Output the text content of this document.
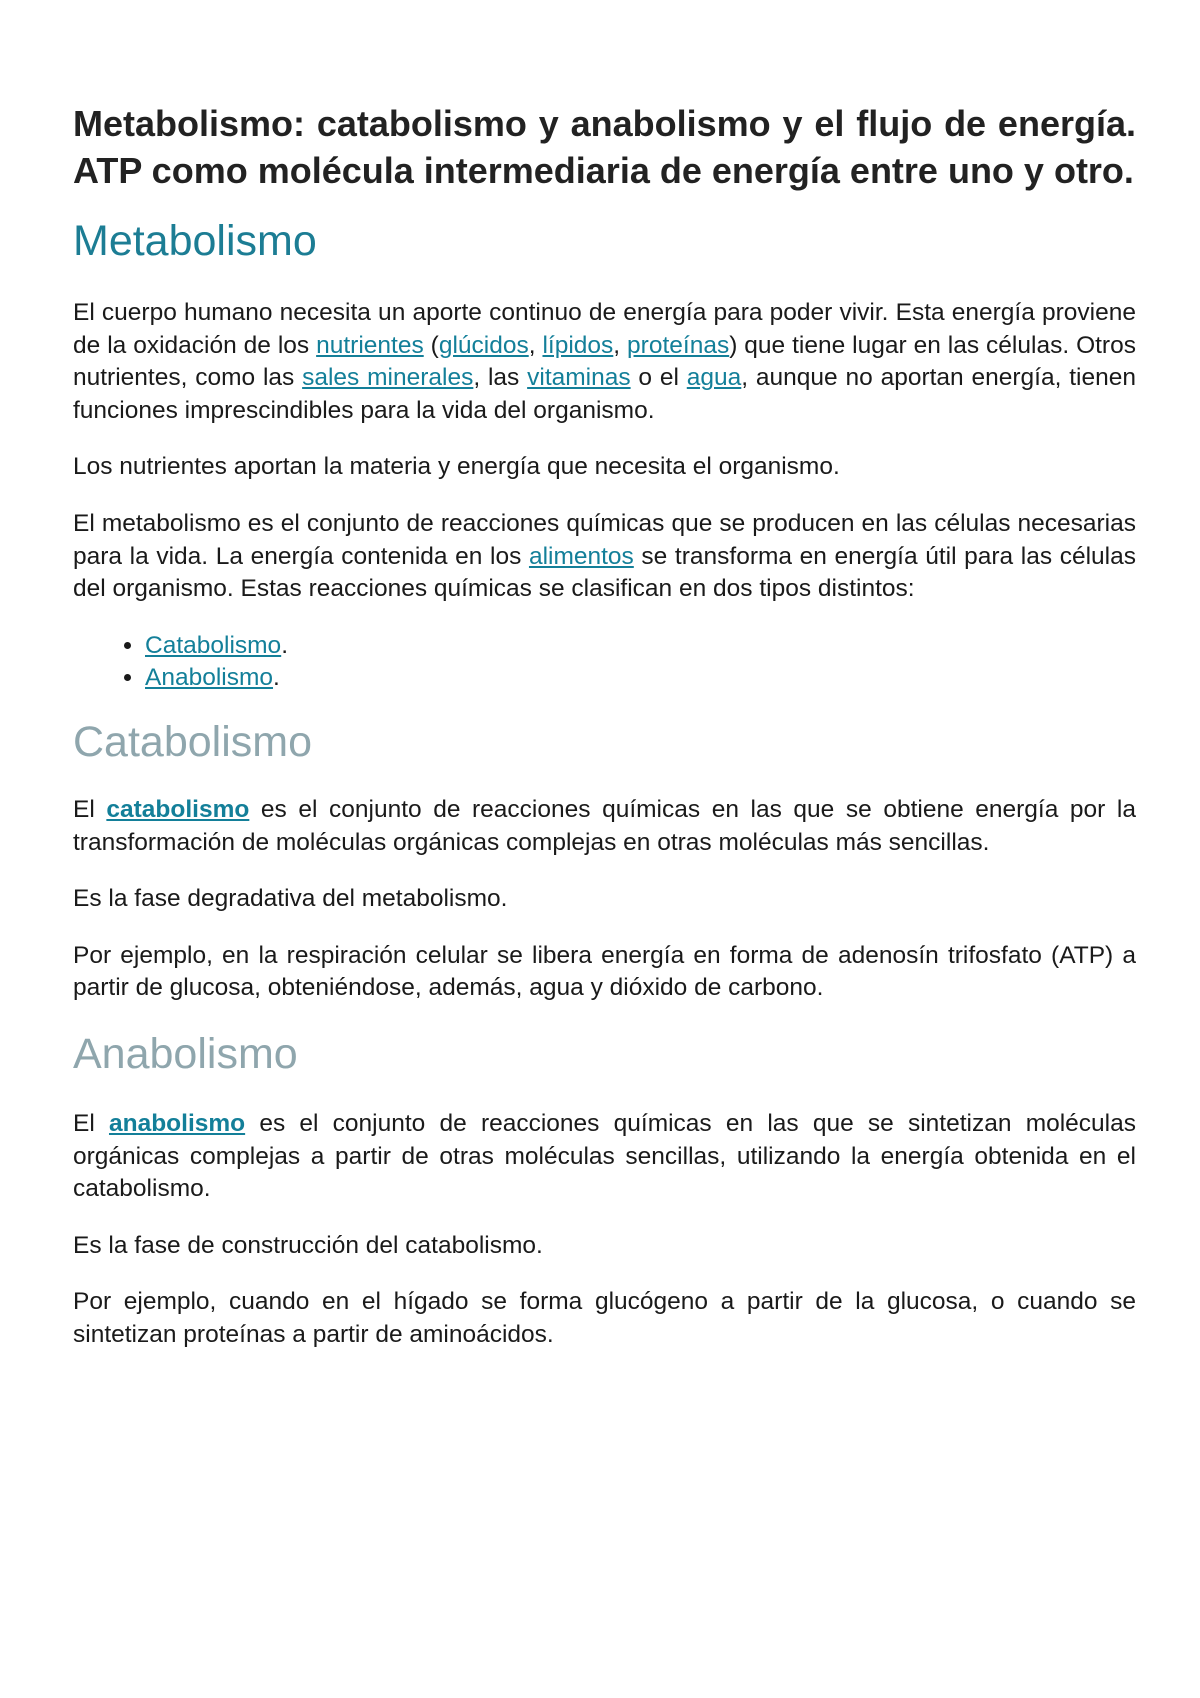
Metabolismo: catabolismo y anabolismo y el flujo de energía. ATP como molécula intermediaria de energía entre uno y otro.
Metabolismo

El cuerpo humano necesita un aporte continuo de energía para poder vivir. Esta energía proviene de la oxidación de los nutrientes (glúcidos, lípidos, proteínas) que tiene lugar en las células. Otros nutrientes, como las sales minerales, las vitaminas o el agua, aunque no aportan energía, tienen funciones imprescindibles para la vida del organismo.

Los nutrientes aportan la materia y energía que necesita el organismo.

El metabolismo es el conjunto de reacciones químicas que se producen en las células necesarias para la vida. La energía contenida en los alimentos se transforma en energía útil para las células del organismo. Estas reacciones químicas se clasifican en dos tipos distintos:

• Catabolismo.
• Anabolismo.
Catabolismo

El catabolismo es el conjunto de reacciones químicas en las que se obtiene energía por la transformación de moléculas orgánicas complejas en otras moléculas más sencillas.

Es la fase degradativa del metabolismo.

Por ejemplo, en la respiración celular se libera energía en forma de adenosín trifosfato (ATP) a partir de glucosa, obteniéndose, además, agua y dióxido de carbono.

Anabolismo

El anabolismo es el conjunto de reacciones químicas en las que se sintetizan moléculas orgánicas complejas a partir de otras moléculas sencillas, utilizando la energía obtenida en el catabolismo.

Es la fase de construcción del catabolismo.

Por ejemplo, cuando en el hígado se forma glucógeno a partir de la glucosa, o cuando se sintetizan proteínas a partir de aminoácidos.
